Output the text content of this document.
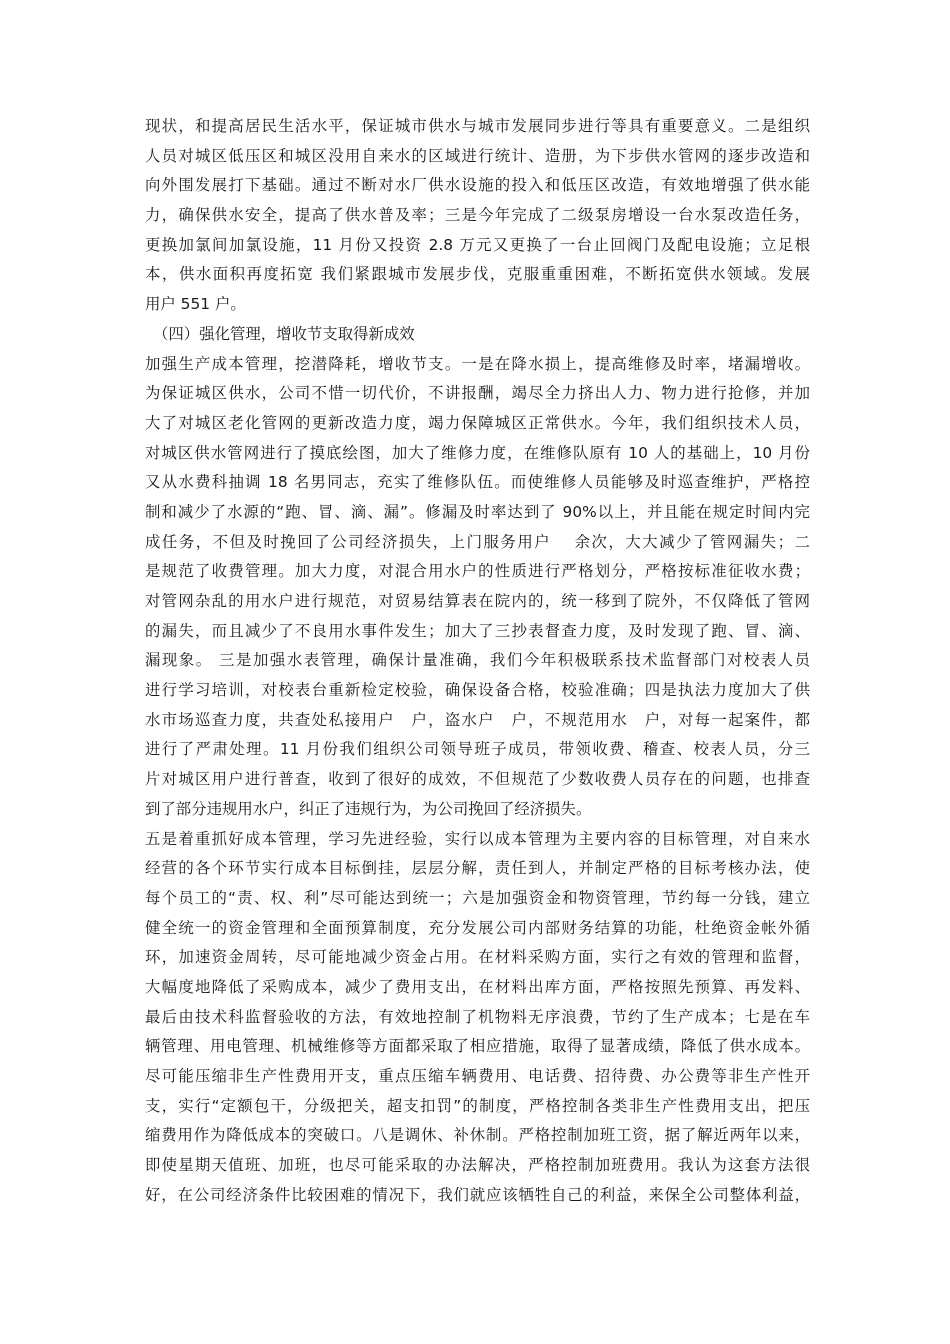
现状，和提高居民生活水平，保证城市供水与城市发展同步进行等具有重要意义。二是组织
人员对城区低压区和城区没用自来水的区域进行统计、造册，为下步供水管网的逐步改造和
向外围发展打下基础。通过不断对水厂供水设施的投入和低压区改造，有效地增强了供水能
力，确保供水安全，提高了供水普及率；三是今年完成了二级泵房增设一台水泵改造任务，
更换加氯间加氯设施，11 月份又投资 2.8 万元又更换了一台止回阀门及配电设施；立足根
本，供水面积再度拓宽 我们紧跟城市发展步伐，克服重重困难，不断拓宽供水领域。发展
用户 551 户。
（四）强化管理，增收节支取得新成效
加强生产成本管理，挖潜降耗，增收节支。一是在降水损上，提高维修及时率，堵漏增收。
为保证城区供水，公司不惜一切代价，不讲报酬，竭尽全力挤出人力、物力进行抢修，并加
大了对城区老化管网的更新改造力度，竭力保障城区正常供水。今年，我们组织技术人员，
对城区供水管网进行了摸底绘图，加大了维修力度，在维修队原有 10 人的基础上，10 月份
又从水费科抽调 18 名男同志，充实了维修队伍。而使维修人员能够及时巡查维护，严格控
制和减少了水源的“跑、冒、滴、漏”。修漏及时率达到了 90%以上，并且能在规定时间内完
成任务，不但及时挽回了公司经济损失，上门服务用户　 余次，大大减少了管网漏失；二
是规范了收费管理。加大力度，对混合用水户的性质进行严格划分，严格按标准征收水费；
对管网杂乱的用水户进行规范，对贸易结算表在院内的，统一移到了院外，不仅降低了管网
的漏失，而且减少了不良用水事件发生；加大了三抄表督查力度，及时发现了跑、冒、滴、
漏现象。 三是加强水表管理，确保计量准确，我们今年积极联系技术监督部门对校表人员
进行学习培训，对校表台重新检定校验，确保设备合格，校验准确；四是执法力度加大了供
水市场巡查力度，共查处私接用户　户，盗水户　户，不规范用水　户，对每一起案件，都
进行了严肃处理。11 月份我们组织公司领导班子成员，带领收费、稽查、校表人员，分三
片对城区用户进行普查，收到了很好的成效，不但规范了少数收费人员存在的问题，也排查
到了部分违规用水户，纠正了违规行为，为公司挽回了经济损失。
五是着重抓好成本管理，学习先进经验，实行以成本管理为主要内容的目标管理，对自来水
经营的各个环节实行成本目标倒挂，层层分解，责任到人，并制定严格的目标考核办法，使
每个员工的“责、权、利”尽可能达到统一；六是加强资金和物资管理，节约每一分钱，建立
健全统一的资金管理和全面预算制度，充分发展公司内部财务结算的功能，杜绝资金帐外循
环，加速资金周转，尽可能地减少资金占用。在材料采购方面，实行之有效的管理和监督，
大幅度地降低了采购成本，减少了费用支出，在材料出库方面，严格按照先预算、再发料、
最后由技术科监督验收的方法，有效地控制了机物料无序浪费，节约了生产成本；七是在车
辆管理、用电管理、机械维修等方面都采取了相应措施，取得了显著成绩，降低了供水成本。
尽可能压缩非生产性费用开支，重点压缩车辆费用、电话费、招待费、办公费等非生产性开
支，实行“定额包干，分级把关，超支扣罚”的制度，严格控制各类非生产性费用支出，把压
缩费用作为降低成本的突破口。八是调休、补休制。严格控制加班工资，据了解近两年以来，
即使星期天值班、加班，也尽可能采取的办法解决，严格控制加班费用。我认为这套方法很
好，在公司经济条件比较困难的情况下，我们就应该牺牲自己的利益，来保全公司整体利益，
